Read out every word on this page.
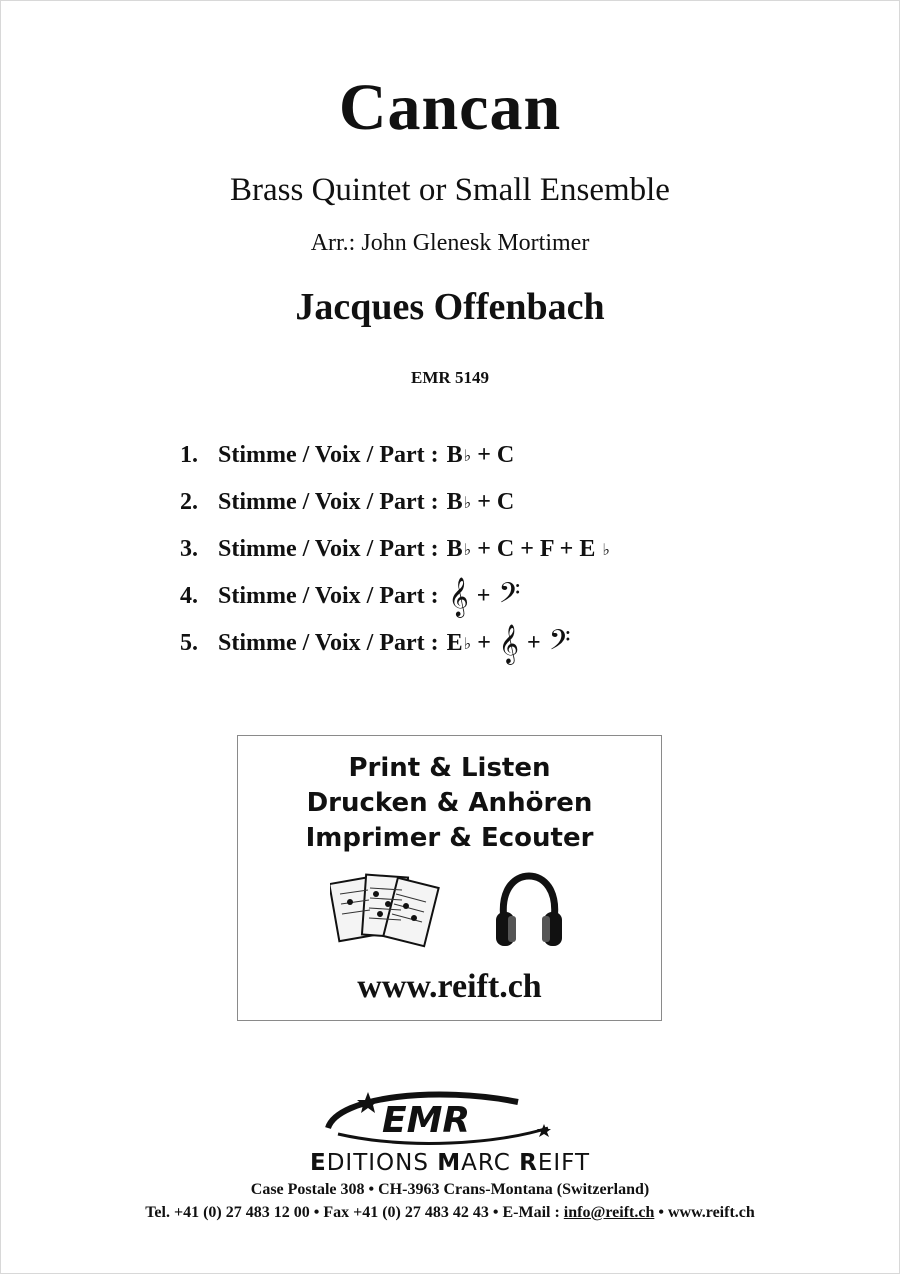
Cancan
Brass Quintet or Small Ensemble
Arr.: John Glenesk Mortimer
Jacques Offenbach
EMR 5149
1. Stimme / Voix / Part : B ♭ + C
2. Stimme / Voix / Part : B ♭ + C
3. Stimme / Voix / Part : B ♭ + C + F + E ♭
4. Stimme / Voix / Part : 𝄞 + 𝄢
5. Stimme / Voix / Part : E ♭ + 𝄞 + 𝄢
Print & Listen
Drucken & Anhören
Imprimer & Ecouter
www.reift.ch
EMR
EDITIONS MARC REIFT
Case Postale 308 • CH-3963 Crans-Montana (Switzerland)
Tel. +41 (0) 27 483 12 00 • Fax +41 (0) 27 483 42 43 • E-Mail : info@reift.ch • www.reift.ch
